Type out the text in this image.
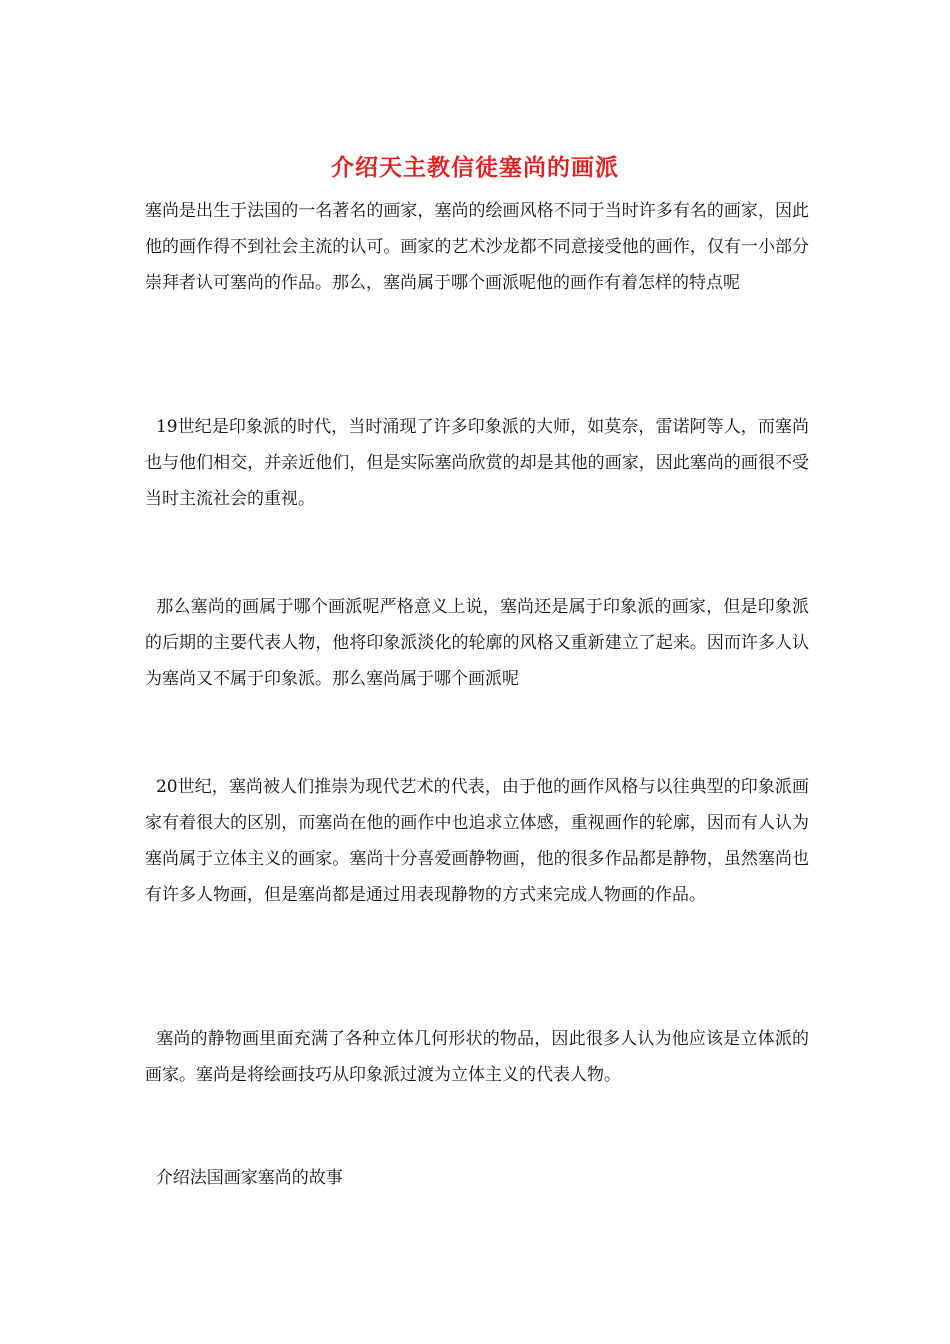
介绍天主教信徒塞尚的画派
塞尚是出生于法国的一名著名的画家，塞尚的绘画风格不同于当时许多有名的画家，因此他的画作得不到社会主流的认可。画家的艺术沙龙都不同意接受他的画作，仅有一小部分崇拜者认可塞尚的作品。那么，塞尚属于哪个画派呢他的画作有着怎样的特点呢
19世纪是印象派的时代，当时涌现了许多印象派的大师，如莫奈，雷诺阿等人，而塞尚也与他们相交，并亲近他们，但是实际塞尚欣赏的却是其他的画家，因此塞尚的画很不受当时主流社会的重视。
那么塞尚的画属于哪个画派呢严格意义上说，塞尚还是属于印象派的画家，但是印象派的后期的主要代表人物，他将印象派淡化的轮廓的风格又重新建立了起来。因而许多人认为塞尚又不属于印象派。那么塞尚属于哪个画派呢
20世纪，塞尚被人们推崇为现代艺术的代表，由于他的画作风格与以往典型的印象派画家有着很大的区别，而塞尚在他的画作中也追求立体感，重视画作的轮廓，因而有人认为塞尚属于立体主义的画家。塞尚十分喜爱画静物画，他的很多作品都是静物，虽然塞尚也有许多人物画，但是塞尚都是通过用表现静物的方式来完成人物画的作品。
塞尚的静物画里面充满了各种立体几何形状的物品，因此很多人认为他应该是立体派的画家。塞尚是将绘画技巧从印象派过渡为立体主义的代表人物。
介绍法国画家塞尚的故事
